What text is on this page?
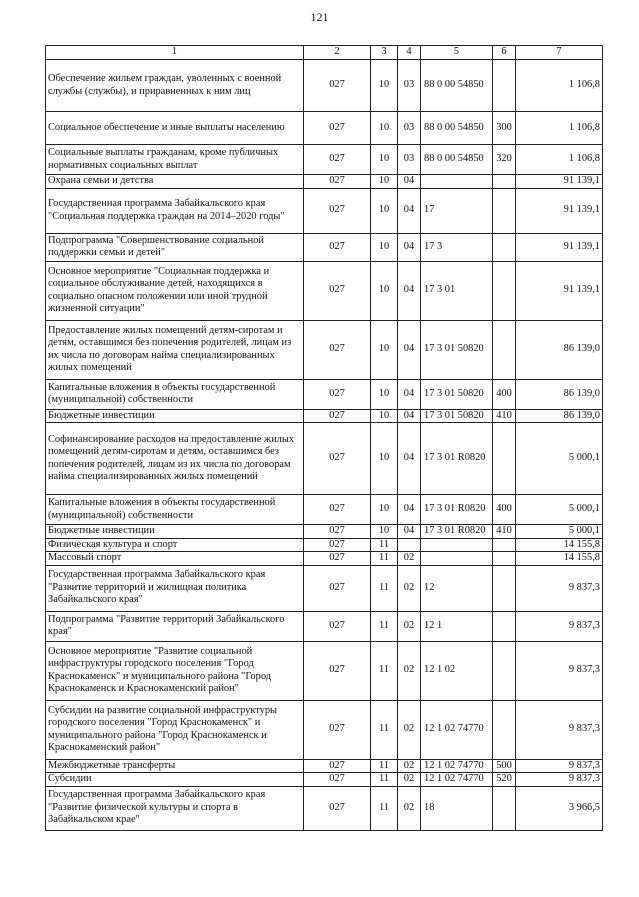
121
1	2	3	4	5	6	7
Обеспечение жильем граждан, уволенных с военной службы (службы), и приравненных к ним лиц	027	10	03	88 0 00 54850		1 106,8
Социальное обеспечение и иные выплаты населению	027	10	03	88 0 00 54850	300	1 106,8
Социальные выплаты гражданам, кроме публичных нормативных социальных выплат	027	10	03	88 0 00 54850	320	1 106,8
Охрана семьи и детства	027	10	04			91 139,1
Государственная программа Забайкальского края "Социальная поддержка граждан на 2014–2020 годы"	027	10	04	17		91 139,1
Подпрограмма "Совершенствование социальной поддержки семьи и детей"	027	10	04	17 3		91 139,1
Основное мероприятие "Социальная поддержка и социальное обслуживание детей, находящихся в социально опасном положении или иной трудной жизненной ситуации"	027	10	04	17 3 01		91 139,1
Предоставление жилых помещений детям-сиротам и детям, оставшимся без попечения родителей, лицам из их числа по договорам найма специализированных жилых помещений	027	10	04	17 3 01 50820		86 139,0
Капитальные вложения в объекты государственной (муниципальной) собственности	027	10	04	17 3 01 50820	400	86 139,0
Бюджетные инвестиции	027	10	04	17 3 01 50820	410	86 139,0
Софинансирование расходов на предоставление жилых помещений детям-сиротам и детям, оставшимся без попечения родителей, лицам из их числа по договорам найма специализированных жилых помещений	027	10	04	17 3 01 R0820		5 000,1
Капитальные вложения в объекты государственной (муниципальной) собственности	027	10	04	17 3 01 R0820	400	5 000,1
Бюджетные инвестиции	027	10	04	17 3 01 R0820	410	5 000,1
Физическая культура и спорт	027	11				14 155,8
Массовый спорт	027	11	02			14 155,8
Государственная программа Забайкальского края "Развитие территорий и жилищная политика Забайкальского края"	027	11	02	12		9 837,3
Подпрограмма "Развитие территорий Забайкальского края"	027	11	02	12 1		9 837,3
Основное мероприятие "Развитие социальной инфраструктуры городского поселения "Город Краснокаменск" и муниципального района "Город Краснокаменск и Краснокаменский район"	027	11	02	12 1 02		9 837,3
Субсидии на развитие социальной инфраструктуры городского поселения "Город Краснокаменск" и муниципального района "Город Краснокаменск и Краснокаменский район"	027	11	02	12 1 02 74770		9 837,3
Межбюджетные трансферты	027	11	02	12 1 02 74770	500	9 837,3
Субсидии	027	11	02	12 1 02 74770	520	9 837,3
Государственная программа Забайкальского края "Развитие физической культуры и спорта в Забайкальском крае"	027	11	02	18		3 966,5
